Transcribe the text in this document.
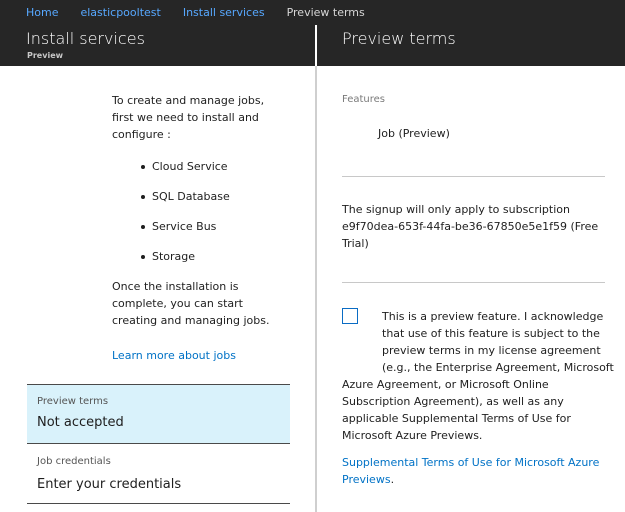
Home elasticpooltest Install services Preview terms
Install services
Preview
Preview terms
To create and manage jobs,
first we need to install and
configure :
Cloud Service
SQL Database
Service Bus
Storage
Once the installation is
complete, you can start
creating and managing jobs.
Learn more about jobs
Preview terms
Not accepted
Job credentials
Enter your credentials
Features
Job (Preview)
The signup will only apply to subscription
e9f70dea-653f-44fa-be36-67850e5e1f59 (Free
Trial)
This is a preview feature. I acknowledge
that use of this feature is subject to the
preview terms in my license agreement
(e.g., the Enterprise Agreement, Microsoft
Azure Agreement, or Microsoft Online
Subscription Agreement), as well as any
applicable Supplemental Terms of Use for
Microsoft Azure Previews.
Supplemental Terms of Use for Microsoft Azure
Previews.
